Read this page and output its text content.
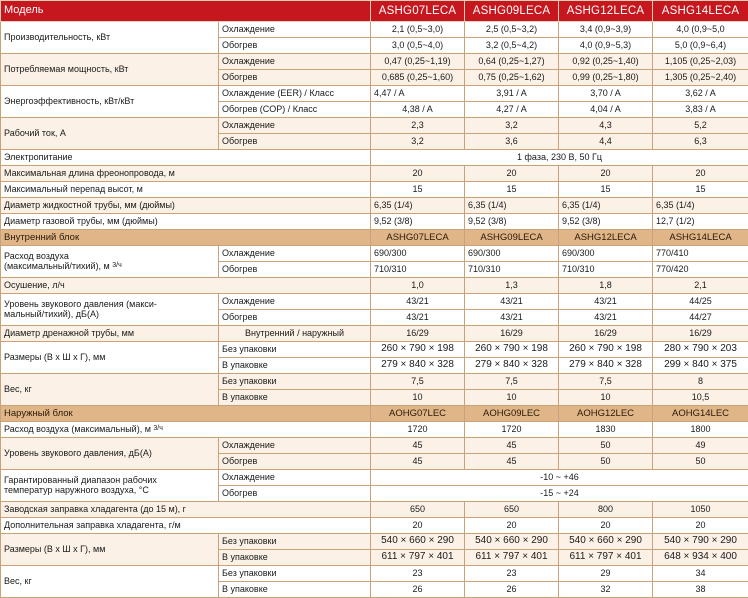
Модель		ASHG07LECA	ASHG09LECA	ASHG12LECA	ASHG14LECA
Производительность, кВт	Охлаждение	2,1 (0,5~3,0)	2,5 (0,5~3,2)	3,4 (0,9~3,9)	4,0 (0,9~5,0
	Обогрев	3,0 (0,5~4,0)	3,2 (0,5~4,2)	4,0 (0,9~5,3)	5,0 (0,9~6,4)
Потребляемая мощность, кВт	Охлаждение	0,47 (0,25~1,19)	0,64 (0,25~1,27)	0,92 (0,25~1,40)	1,105 (0,25~2,03)
	Обогрев	0,685 (0,25~1,60)	0,75 (0,25~1,62)	0,99 (0,25~1,80)	1,305 (0,25~2,40)
Энергоэффективность, кВт/кВт	Охлаждение (EER) / Класс	4,47 / A	3,91 / A	3,70 / A	3,62 / A
	Обогрев (COP) / Класс	4,38 / A	4,27 / A	4,04 / A	3,83 / A
Рабочий ток, А	Охлаждение	2,3	3,2	4,3	5,2
	Обогрев	3,2	3,6	4,4	6,3
Электропитание		1 фаза, 230 В, 50 Гц			
Максимальная длина фреонопровода, м		20	20	20	20
Максимальный перепад высот, м		15	15	15	15
Диаметр жидкостной трубы, мм (дюймы)		6,35 (1/4)	6,35 (1/4)	6,35 (1/4)	6,35 (1/4)
Диаметр газовой трубы, мм (дюймы)		9,52 (3/8)	9,52 (3/8)	9,52 (3/8)	12,7 (1/2)
Внутренний блок		ASHG07LECA	ASHG09LECA	ASHG12LECA	ASHG14LECA
Расход воздуха
(максимальный/тихий), м $^{3/ч}$	Охлаждение	690/300	690/300	690/300	770/410
	Обогрев	710/310	710/310	710/310	770/420
Осушение, л/ч		1,0	1,3	1,8	2,1
Уровень звукового давления (макси-
мальный/тихий), дБ(А)	Охлаждение	43/21	43/21	43/21	44/25
	Обогрев	43/21	43/21	43/21	44/27
Диаметр дренажной трубы, мм	Внутренний / наружный	16/29	16/29	16/29	16/29
Размеры (В х Ш х Г), мм	Без упаковки	260 × 790 × 198	260 × 790 × 198	260 × 790 × 198	280 × 790 × 203
	В упаковке	279 × 840 × 328	279 × 840 × 328	279 × 840 × 328	299 × 840 × 375
Вес, кг	Без упаковки	7,5	7,5	7,5	8
	В упаковке	10	10	10	10,5
Наружный блок		AOHG07LEC	AOHG09LEC	AOHG12LEC	AOHG14LEC
Расход воздуха (максимальный), м $^{3/ч}$		1720	1720	1830	1800
Уровень звукового давления, дБ(А)	Охлаждение	45	45	50	49
	Обогрев	45	45	50	50
Гарантированный диапазон рабочих
температур наружного воздуха, °С	Охлаждение	-10 ~ +46			
	Обогрев	-15 ~ +24			
Заводская заправка хладагента (до 15 м), г		650	650	800	1050
Дополнительная заправка хладагента, г/м		20	20	20	20
Размеры (В х Ш х Г), мм	Без упаковки	540 × 660 × 290	540 × 660 × 290	540 × 660 × 290	540 × 790 × 290
	В упаковке	611 × 797 × 401	611 × 797 × 401	611 × 797 × 401	648 × 934 × 400
Вес, кг	Без упаковки	23	23	29	34
	В упаковке	26	26	32	38
